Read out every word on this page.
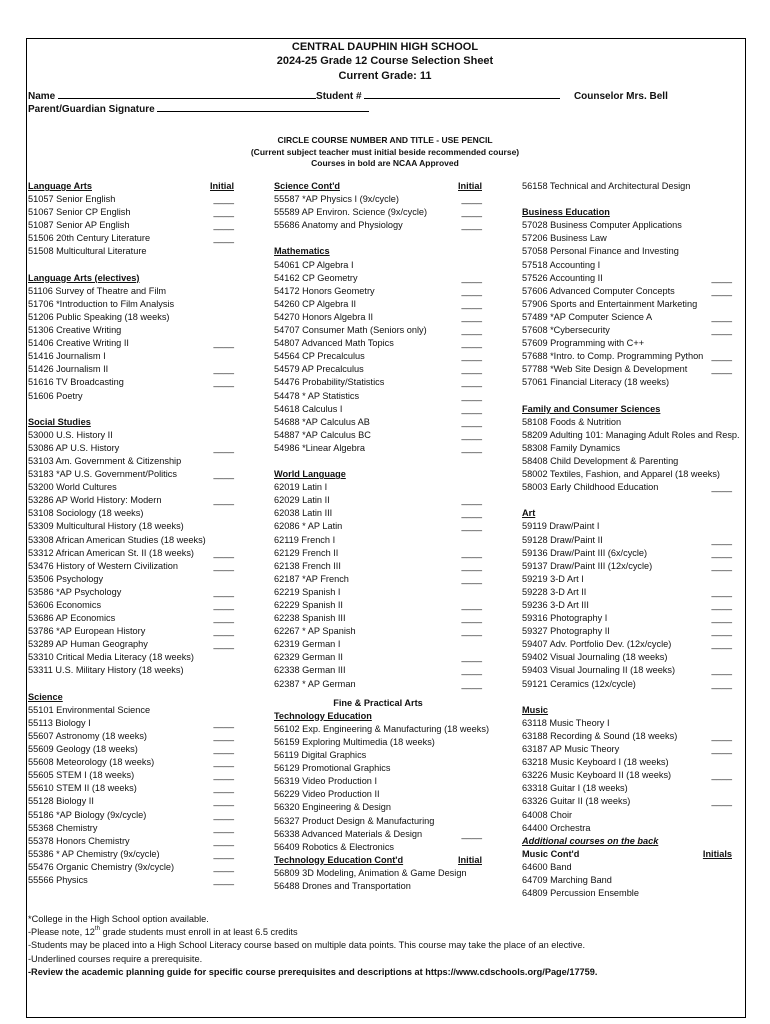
CENTRAL DAUPHIN HIGH SCHOOL
2024-25 Grade 12 Course Selection Sheet
Current Grade: 11
Name	Student #	Counselor Mrs. Bell
Parent/Guardian Signature
CIRCLE COURSE NUMBER AND TITLE - USE PENCIL
(Current subject teacher must initial beside recommended course)
Courses in bold are NCAA Approved
Language Arts	Initial
51057 Senior English	____
51067 Senior CP English	____
51087 Senior AP English	____
51506 20th Century Literature	____
51508 Multicultural Literature
Language Arts (electives)
51106 Survey of Theatre and Film
51706 *Introduction to Film Analysis
51206 Public Speaking (18 weeks)
51306 Creative Writing
51406 Creative Writing II	____
51416 Journalism I
51426 Journalism II	____
51616 TV Broadcasting	____
51606 Poetry
Social Studies
53000 U.S. History II
53086 AP U.S. History	____
53103 Am. Government & Citizenship
53183 *AP U.S. Government/Politics	____
53200 World Cultures
53286 AP World History: Modern	____
53108 Sociology (18 weeks)
53309 Multicultural History (18 weeks)
53308 African American Studies (18 weeks)
53312 African American St. II (18 weeks) ____
53476 History of Western Civilization	____
53506 Psychology
53586 *AP Psychology	____
53606 Economics	____
53686 AP Economics	____
53786 *AP European History	____
53289 AP Human Geography	____
53310 Critical Media Literacy (18 weeks)
53311 U.S. Military History (18 weeks)
Science
55101 Environmental Science
55113 Biology I	____
55607 Astronomy (18 weeks)	____
55609 Geology (18 weeks)	____
55608 Meteorology (18 weeks)	____
55605 STEM I (18 weeks)	____
55610 STEM II (18 weeks)	____
55128 Biology II	____
55186 *AP Biology (9x/cycle)	____
55368 Chemistry	____
55378 Honors Chemistry	____
55386 * AP Chemistry (9x/cycle)	____
55476 Organic Chemistry (9x/cycle)	____
55566 Physics	____
Science Cont'd	Initial
55587 *AP Physics I (9x/cycle)	____
55589 AP Environ. Science (9x/cycle)	____
55686 Anatomy and Physiology	____
Mathematics
54061 CP Algebra I
54162 CP Geometry	____
54172 Honors Geometry	____
54260 CP Algebra II	____
54270 Honors Algebra II	____
54707 Consumer Math (Seniors only)	____
54807 Advanced Math Topics	____
54564 CP Precalculus	____
54579 AP Precalculus	____
54476 Probability/Statistics	____
54478 * AP Statistics	____
54618 Calculus I	____
54688 *AP Calculus AB	____
54887 *AP Calculus BC	____
54986 *Linear Algebra	____
World Language
62019 Latin I
62029 Latin II	____
62038 Latin III	____
62086 * AP Latin	____
62119 French I
62129 French II	____
62138 French III	____
62187 *AP French	____
62219 Spanish I
62229 Spanish II	____
62238 Spanish III	____
62267 * AP Spanish	____
62319 German I
62329 German II	____
62338 German III	____
62387 * AP German	____
Fine & Practical Arts
Technology Education
56102 Exp. Engineering & Manufacturing (18 weeks)
56159 Exploring Multimedia (18 weeks)
56119 Digital Graphics
56129 Promotional Graphics
56319 Video Production I
56229 Video Production II
56320 Engineering & Design
56327 Product Design & Manufacturing
56338 Advanced Materials & Design	____
56409 Robotics & Electronics
Technology Education Cont'd	Initial
56809 3D Modeling, Animation & Game Design
56488 Drones and Transportation
56158 Technical and Architectural Design
Business Education
57028 Business Computer Applications
57206 Business Law
57058 Personal Finance and Investing
57518 Accounting I
57526 Accounting II	____
57606 Advanced Computer Concepts	____
57906 Sports and Entertainment Marketing
57489 *AP Computer Science A	____
57608 *Cybersecurity	____
57609 Programming with C++
57688 *Intro. to Comp. Programming Python ____
57788 *Web Site Design & Development	____
57061 Financial Literacy (18 weeks)
Family and Consumer Sciences
58108 Foods & Nutrition
58209 Adulting 101: Managing Adult Roles and Resp.
58308 Family Dynamics
58408 Child Development & Parenting
58002 Textiles, Fashion, and Apparel (18 weeks)
58003 Early Childhood Education	____
Art
59119 Draw/Paint I
59128 Draw/Paint II	____
59136 Draw/Paint III (6x/cycle)	____
59137 Draw/Paint III (12x/cycle)	____
59219 3-D Art I
59228 3-D Art II	____
59236 3-D Art III	____
59316 Photography I	____
59327 Photography II	____
59407 Adv. Portfolio Dev. (12x/cycle)	____
59402 Visual Journaling (18 weeks)
59403 Visual Journaling II (18 weeks)	____
59121 Ceramics (12x/cycle)	____
Music
63118 Music Theory I
63188 Recording & Sound (18 weeks)	____
63187 AP Music Theory	____
63218 Music Keyboard I (18 weeks)
63226 Music Keyboard II (18 weeks)	____
63318 Guitar I (18 weeks)
63326 Guitar II (18 weeks)	____
64008 Choir
64400 Orchestra
Additional courses on the back
Music Cont'd	Initials
64600 Band
64709 Marching Band
64809 Percussion Ensemble
*College in the High School option available.
-Please note, 12th grade students must enroll in at least 6.5 credits
-Students may be placed into a High School Literacy course based on multiple data points. This course may take the place of an elective.
-Underlined courses require a prerequisite.
-Review the academic planning guide for specific course prerequisites and descriptions at https://www.cdschools.org/Page/17759.
